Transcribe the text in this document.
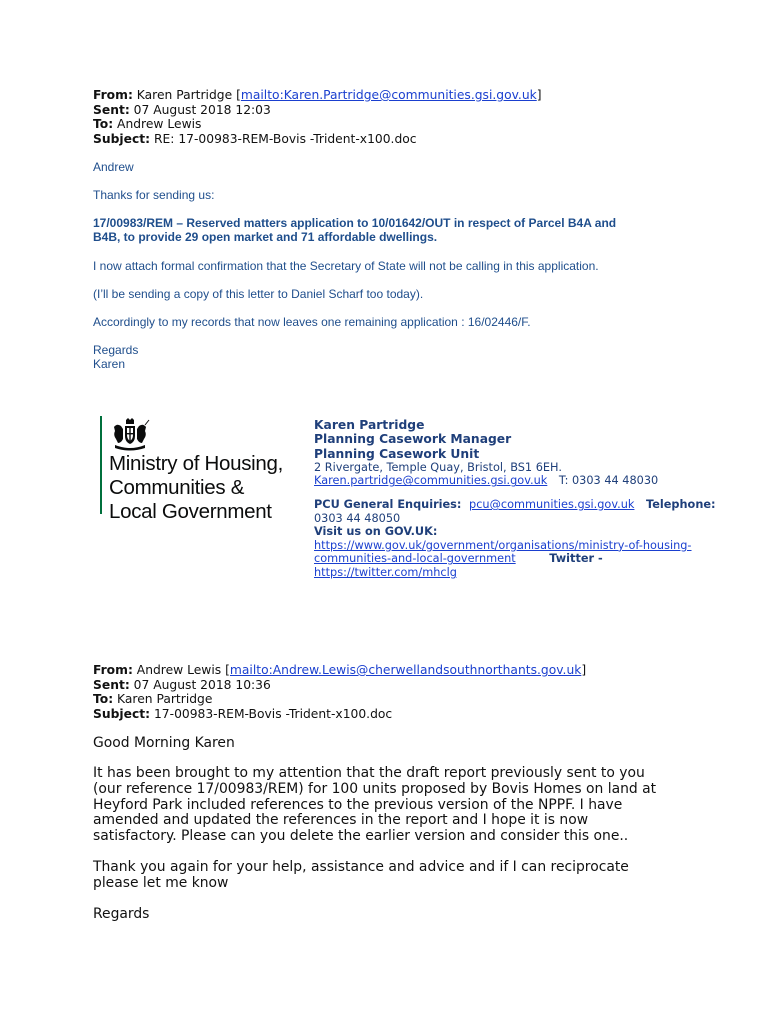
From: Karen Partridge [mailto:Karen.Partridge@communities.gsi.gov.uk]
Sent: 07 August 2018 12:03
To: Andrew Lewis
Subject: RE: 17-00983-REM-Bovis -Trident-x100.doc
Andrew
Thanks for sending us:
17/00983/REM – Reserved matters application to 10/01642/OUT in respect of Parcel B4A and
B4B, to provide 29 open market and 71 affordable dwellings.
I now attach formal confirmation that the Secretary of State will not be calling in this application.
(I’ll be sending a copy of this letter to Daniel Scharf too today).
Accordingly to my records that now leaves one remaining application : 16/02446/F.
Regards
Karen
Ministry of Housing,
Communities &
Local Government
Karen Partridge
Planning Casework Manager
Planning Casework Unit
2 Rivergate, Temple Quay, Bristol, BS1 6EH.
Karen.partridge@communities.gsi.gov.uk T: 0303 44 48030
PCU General Enquiries: pcu@communities.gsi.gov.uk Telephone:
0303 44 48050
Visit us on GOV.UK:
https://www.gov.uk/government/organisations/ministry-of-housing-
communities-and-local-government	Twitter -
https://twitter.com/mhclg
From: Andrew Lewis [mailto:Andrew.Lewis@cherwellandsouthnorthants.gov.uk]
Sent: 07 August 2018 10:36
To: Karen Partridge
Subject: 17-00983-REM-Bovis -Trident-x100.doc
Good Morning Karen
It has been brought to my attention that the draft report previously sent to you
(our reference 17/00983/REM) for 100 units proposed by Bovis Homes on land at
Heyford Park included references to the previous version of the NPPF. I have
amended and updated the references in the report and I hope it is now
satisfactory. Please can you delete the earlier version and consider this one..
Thank you again for your help, assistance and advice and if I can reciprocate
please let me know
Regards
